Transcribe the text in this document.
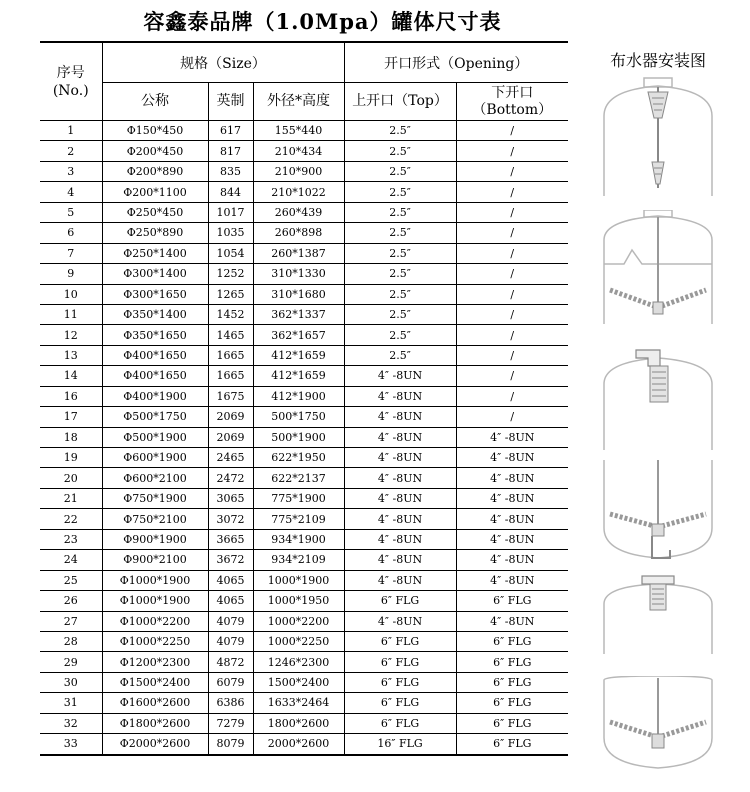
容鑫泰品牌（1.0Mpa）罐体尺寸表
布水器安装图
序号
(No.)	规格（Size）			开口形式（Opening）	
	公称	英制	外径*高度	上开口（Top）	下开口
（Bottom）

1	Φ150*450	617	155*440	2.5″	/
2	Φ200*450	817	210*434	2.5″	/
3	Φ200*890	835	210*900	2.5″	/
4	Φ200*1100	844	210*1022	2.5″	/
5	Φ250*450	1017	260*439	2.5″	/
6	Φ250*890	1035	260*898	2.5″	/
7	Φ250*1400	1054	260*1387	2.5″	/
9	Φ300*1400	1252	310*1330	2.5″	/
10	Φ300*1650	1265	310*1680	2.5″	/
11	Φ350*1400	1452	362*1337	2.5″	/
12	Φ350*1650	1465	362*1657	2.5″	/
13	Φ400*1650	1665	412*1659	2.5″	/
14	Φ400*1650	1665	412*1659	4″ -8UN	/
16	Φ400*1900	1675	412*1900	4″ -8UN	/
17	Φ500*1750	2069	500*1750	4″ -8UN	/
18	Φ500*1900	2069	500*1900	4″ -8UN	4″ -8UN
19	Φ600*1900	2465	622*1950	4″ -8UN	4″ -8UN
20	Φ600*2100	2472	622*2137	4″ -8UN	4″ -8UN
21	Φ750*1900	3065	775*1900	4″ -8UN	4″ -8UN
22	Φ750*2100	3072	775*2109	4″ -8UN	4″ -8UN
23	Φ900*1900	3665	934*1900	4″ -8UN	4″ -8UN
24	Φ900*2100	3672	934*2109	4″ -8UN	4″ -8UN
25	Φ1000*1900	4065	1000*1900	4″ -8UN	4″ -8UN
26	Φ1000*1900	4065	1000*1950	6″ FLG	6″ FLG
27	Φ1000*2200	4079	1000*2200	4″ -8UN	4″ -8UN
28	Φ1000*2250	4079	1000*2250	6″ FLG	6″ FLG
29	Φ1200*2300	4872	1246*2300	6″ FLG	6″ FLG
30	Φ1500*2400	6079	1500*2400	6″ FLG	6″ FLG
31	Φ1600*2600	6386	1633*2464	6″ FLG	6″ FLG
32	Φ1800*2600	7279	1800*2600	6″ FLG	6″ FLG
33	Φ2000*2600	8079	2000*2600	16″ FLG	6″ FLG
